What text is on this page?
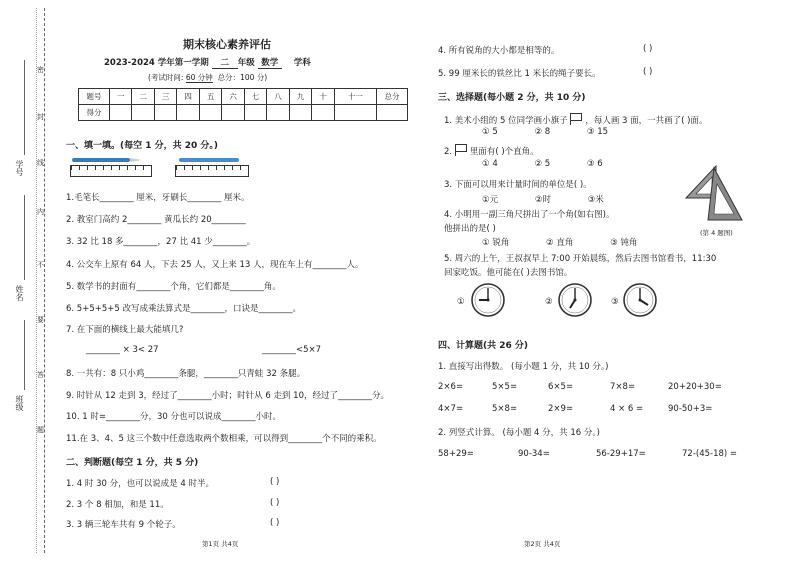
学号
姓名
班级
密
封
线
内
不
要
答
题
期末核心素养评估
2023-2024 学年第一学期 二 年级 数学 学科
(考试时间: 60 分钟 总分：100 分)
题号	一	二	三	四	五	六	七	八	九	十	十一	总分
得分												
一、填一填。(每空 1 分，共 20 分。)
1.毛笔长________ 厘米，牙刷长________ 厘米。
2. 教室门高约 2________ 黄瓜长约 20________
3. 32 比 18 多________，27 比 41 少________。
4. 公交车上原有 64 人，下去 25 人，又上来 13 人，现在车上有________人。
5. 数学书的封面有________个角，它们都是________角。
6. 5+5+5+5 改写成乘法算式是________，口诀是________。
7. 在下面的横线上最大能填几?
________ × 3< 27	________<5×7
8. 一共有：8 只小鸡________条腿，________只青蛙 32 条腿。
9. 时针从 12 走到 3，经过了________小时；时针从 6 走到 10，经过了________分。
10. 1 时=________分，30 分也可以说成________小时。
11.在 3、4、5 这三个数中任意选取两个数相乘，可以得到________个不同的乘积。
二、判断题(每空 1 分，共 5 分)
1. 4 时 30 分，也可以说成是 4 时半。	( )
2. 3 个 8 相加，和是 11。	( )
3. 3 辆三轮车共有 9 个轮子。	( )
第1页 共4页
4. 所有锐角的大小都是相等的。	( )
5. 99 厘米长的铁丝比 1 米长的绳子要长。	( )
三、选择题(每小题 2 分，共 10 分)
1. 美术小组的 5 位同学画小旗子 ，每人画 3 面，一共画了( )面。
① 5	② 8	③ 15
2. 里面有( )个直角。
① 4	② 5	③ 6
3. 下面可以用来计量时间的单位是( )。
①元	②时	③米
4. 小明用一副三角尺拼出了一个角(如右图)。
他拼出的是( )
① 锐角	② 直角	③ 钝角
(第 4 题图)
5. 周六的上午，王叔叔早上 7:00 开始晨练，然后去图书馆看书，11:30
回家吃饭。他可能在( )去图书馆。
①	②	③
四、计算题(共 26 分)
1. 直接写出得数。 (每小题 1 分，共 10 分。)
2×6=	5×5=	6×5=	7×8=	20+20+30=
4×7=	5×8=	2×9=	4 × 6 =	90-50+3=
2. 列竖式计算。 (每小题 4 分，共 16 分。)
58+29=	90-34=	56-29+17=	72-(45-18) =
第2页 共4页
